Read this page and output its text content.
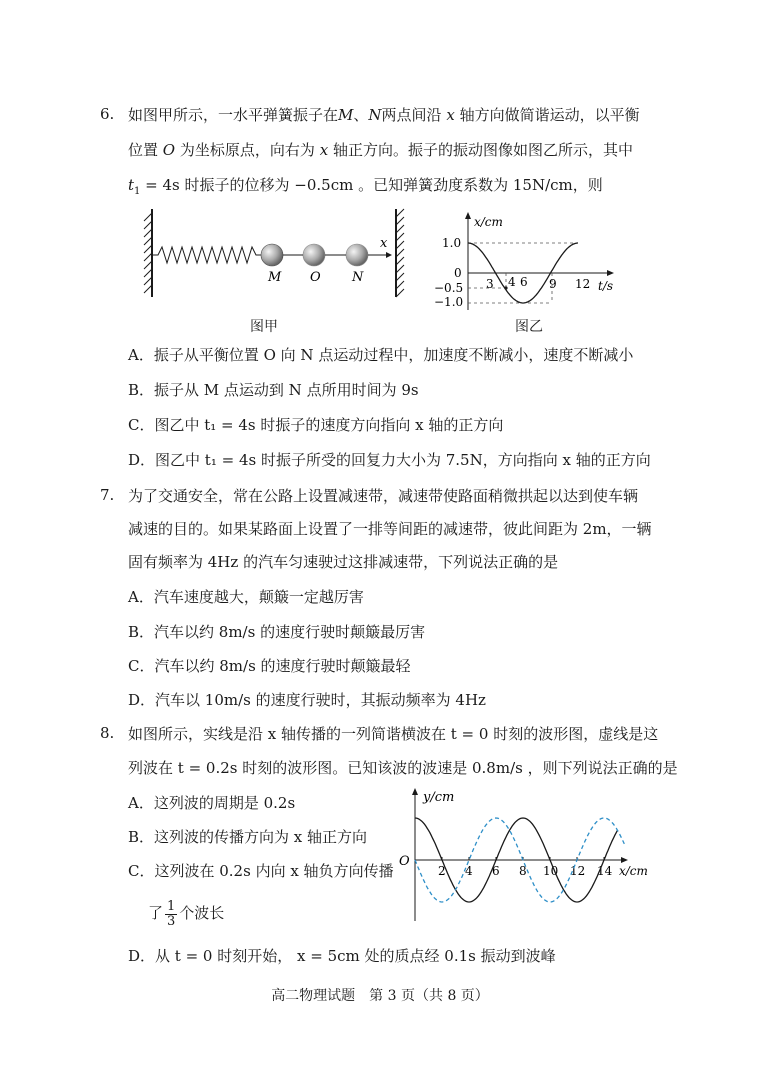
6. 如图甲所示，一水平弹簧振子在M、N两点间沿 x 轴方向做简谐运动，以平衡
位置 O 为坐标原点，向右为 x 轴正方向。振子的振动图像如图乙所示，其中
$t_1 = 4s$ 时振子的位移为 −0.5cm 。已知弹簧劲度系数为 15N/cm，则
x
M O N
图甲
x/cm
t/s
1.0
0
−0.5
−1.0
3 4 6 9 12
图乙
A．振子从平衡位置 O 向 N 点运动过程中，加速度不断减小，速度不断减小
B．振子从 M 点运动到 N 点所用时间为 9s
C．图乙中 t₁ = 4s 时振子的速度方向指向 x 轴的正方向
D．图乙中 t₁ = 4s 时振子所受的回复力大小为 7.5N，方向指向 x 轴的正方向
7. 为了交通安全，常在公路上设置减速带，减速带使路面稍微拱起以达到使车辆
减速的目的。如果某路面上设置了一排等间距的减速带，彼此间距为 2m，一辆
固有频率为 4Hz 的汽车匀速驶过这排减速带，下列说法正确的是
A．汽车速度越大，颠簸一定越厉害
B．汽车以约 8m/s 的速度行驶时颠簸最厉害
C．汽车以约 8m/s 的速度行驶时颠簸最轻
D．汽车以 10m/s 的速度行驶时，其振动频率为 4Hz
8. 如图所示，实线是沿 x 轴传播的一列简谐横波在 t = 0 时刻的波形图，虚线是这
列波在 t = 0.2s 时刻的波形图。已知该波的波速是 0.8m/s ，则下列说法正确的是
A．这列波的周期是 0.2s
B．这列波的传播方向为 x 轴正方向
C．这列波在 0.2s 内向 x 轴负方向传播
了 $\frac{1}{3}$ 个波长
D．从 t = 0 时刻开始， x = 5cm 处的质点经 0.1s 振动到波峰
y/cm
x/cm
O
2 4 6 8 10 12 14
高二物理试题　第 3 页（共 8 页）
